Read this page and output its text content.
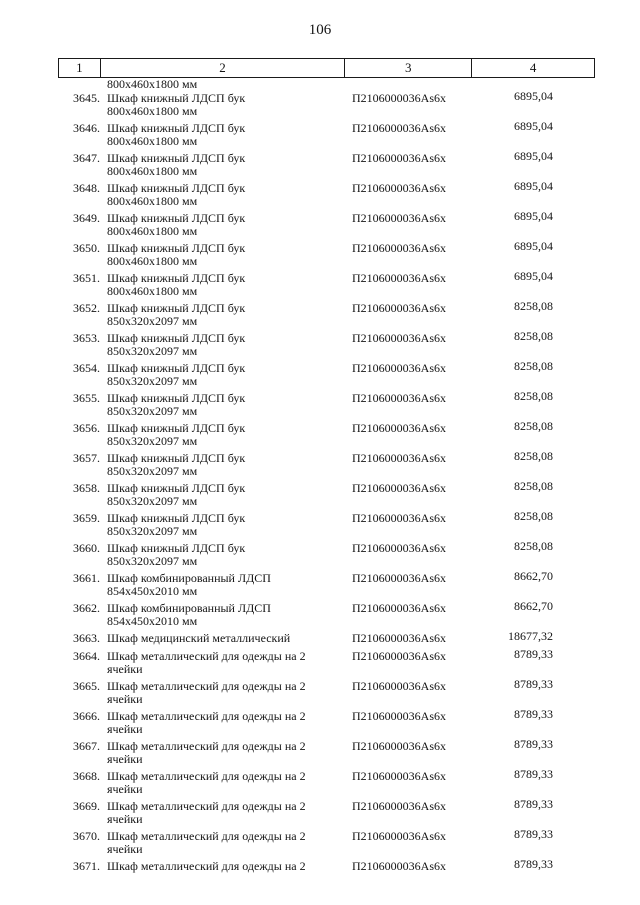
106
1	2	3	4
800х460х1800 мм
3645. Шкаф книжный ЛДСП бук
800х460х1800 мм
П2106000036Аs6х	6895,04
3646. Шкаф книжный ЛДСП бук
800х460х1800 мм
П2106000036Аs6х	6895,04
3647. Шкаф книжный ЛДСП бук
800х460х1800 мм
П2106000036Аs6х	6895,04
3648. Шкаф книжный ЛДСП бук
800х460х1800 мм
П2106000036Аs6х	6895,04
3649. Шкаф книжный ЛДСП бук
800х460х1800 мм
П2106000036Аs6х	6895,04
3650. Шкаф книжный ЛДСП бук
800х460х1800 мм
П2106000036Аs6х	6895,04
3651. Шкаф книжный ЛДСП бук
800х460х1800 мм
П2106000036Аs6х	6895,04
3652. Шкаф книжный ЛДСП бук
850х320х2097 мм
П2106000036Аs6х	8258,08
3653. Шкаф книжный ЛДСП бук
850х320х2097 мм
П2106000036Аs6х	8258,08
3654. Шкаф книжный ЛДСП бук
850х320х2097 мм
П2106000036Аs6х	8258,08
3655. Шкаф книжный ЛДСП бук
850х320х2097 мм
П2106000036Аs6х	8258,08
3656. Шкаф книжный ЛДСП бук
850х320х2097 мм
П2106000036Аs6х	8258,08
3657. Шкаф книжный ЛДСП бук
850х320х2097 мм
П2106000036Аs6х	8258,08
3658. Шкаф книжный ЛДСП бук
850х320х2097 мм
П2106000036Аs6х	8258,08
3659. Шкаф книжный ЛДСП бук
850х320х2097 мм
П2106000036Аs6х	8258,08
3660. Шкаф книжный ЛДСП бук
850х320х2097 мм
П2106000036Аs6х	8258,08
3661. Шкаф комбинированный ЛДСП
854х450х2010 мм
П2106000036Аs6х	8662,70
3662. Шкаф комбинированный ЛДСП
854х450х2010 мм
П2106000036Аs6х	8662,70
3663. Шкаф медицинский металлический	П2106000036Аs6х	18677,32
3664. Шкаф металлический для одежды на 2
ячейки
П2106000036Аs6х	8789,33
3665. Шкаф металлический для одежды на 2
ячейки
П2106000036Аs6х	8789,33
3666. Шкаф металлический для одежды на 2
ячейки
П2106000036Аs6х	8789,33
3667. Шкаф металлический для одежды на 2
ячейки
П2106000036Аs6х	8789,33
3668. Шкаф металлический для одежды на 2
ячейки
П2106000036Аs6х	8789,33
3669. Шкаф металлический для одежды на 2
ячейки
П2106000036Аs6х	8789,33
3670. Шкаф металлический для одежды на 2
ячейки
П2106000036Аs6х	8789,33
3671. Шкаф металлический для одежды на 2	П2106000036Аs6х	8789,33
